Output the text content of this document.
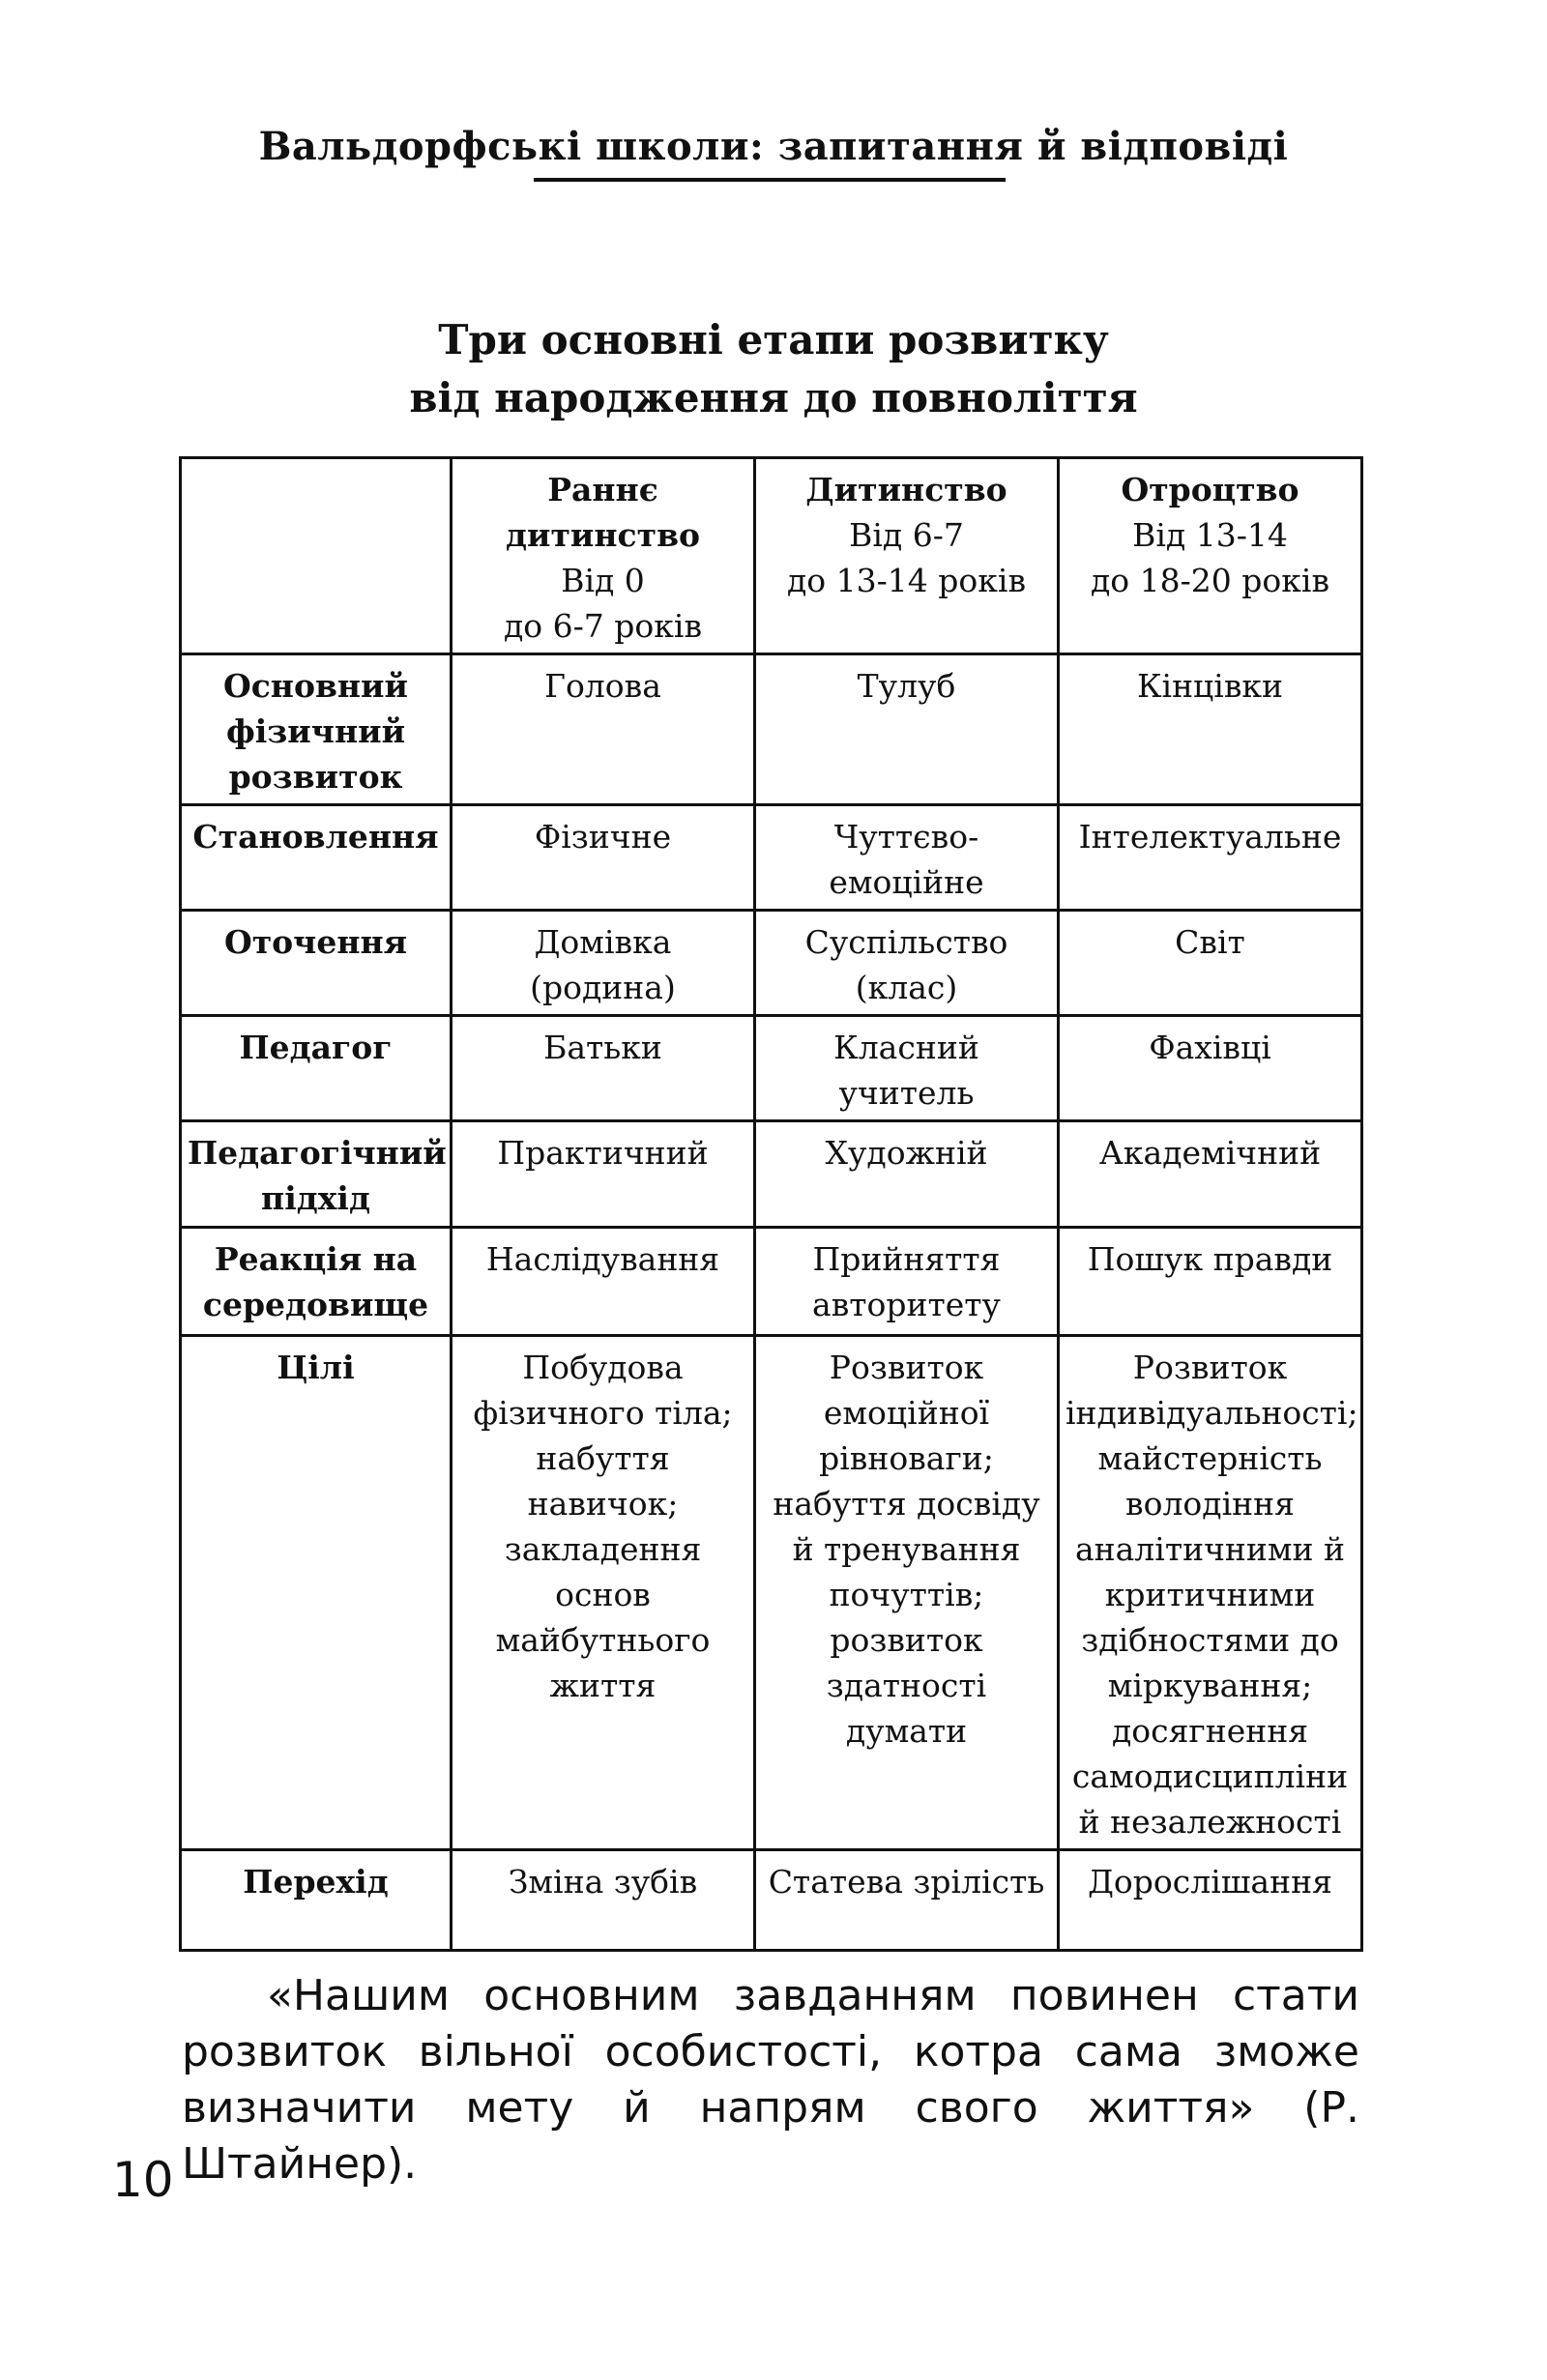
Вальдорфські школи: запитання й відповіді
Три основні етапи розвитку
від народження до повноліття

	Раннє дитинство
Від 0
до 6-7 років	Дитинство
Від 6-7
до 13-14 років	Отроцтво
Від 13-14
до 18-20 років

Основний фізичний розвиток	Голова	Тулуб	Кінцівки
Становлення	Фізичне	Чуттєво-емоційне	Інтелектуальне
Оточення	Домівка (родина)	Суспільство (клас)	Світ
Педагог	Батьки	Класний учитель	Фахівці
Педагогічний підхід	Практичний	Художній	Академічний
Реакція на середовище	Наслідування	Прийняття авторитету	Пошук правди
Цілі	Побудова фізичного тіла; набуття навичок; закладення основ майбутнього життя	Розвиток емоційної рівноваги; набуття досвіду й тренування почуттів; розвиток здатності думати	Розвиток індивідуальності; майстерність володіння аналітичними й критичними здібностями до міркування; досягнення самодисципліни й незалежності
Перехід	Зміна зубів	Статева зрілість	Дорослішання
«Нашим основним завданням повинен стати розвиток вільної особистості, котра сама зможе визначити мету й напрям свого життя» (Р. Штайнер).
10
